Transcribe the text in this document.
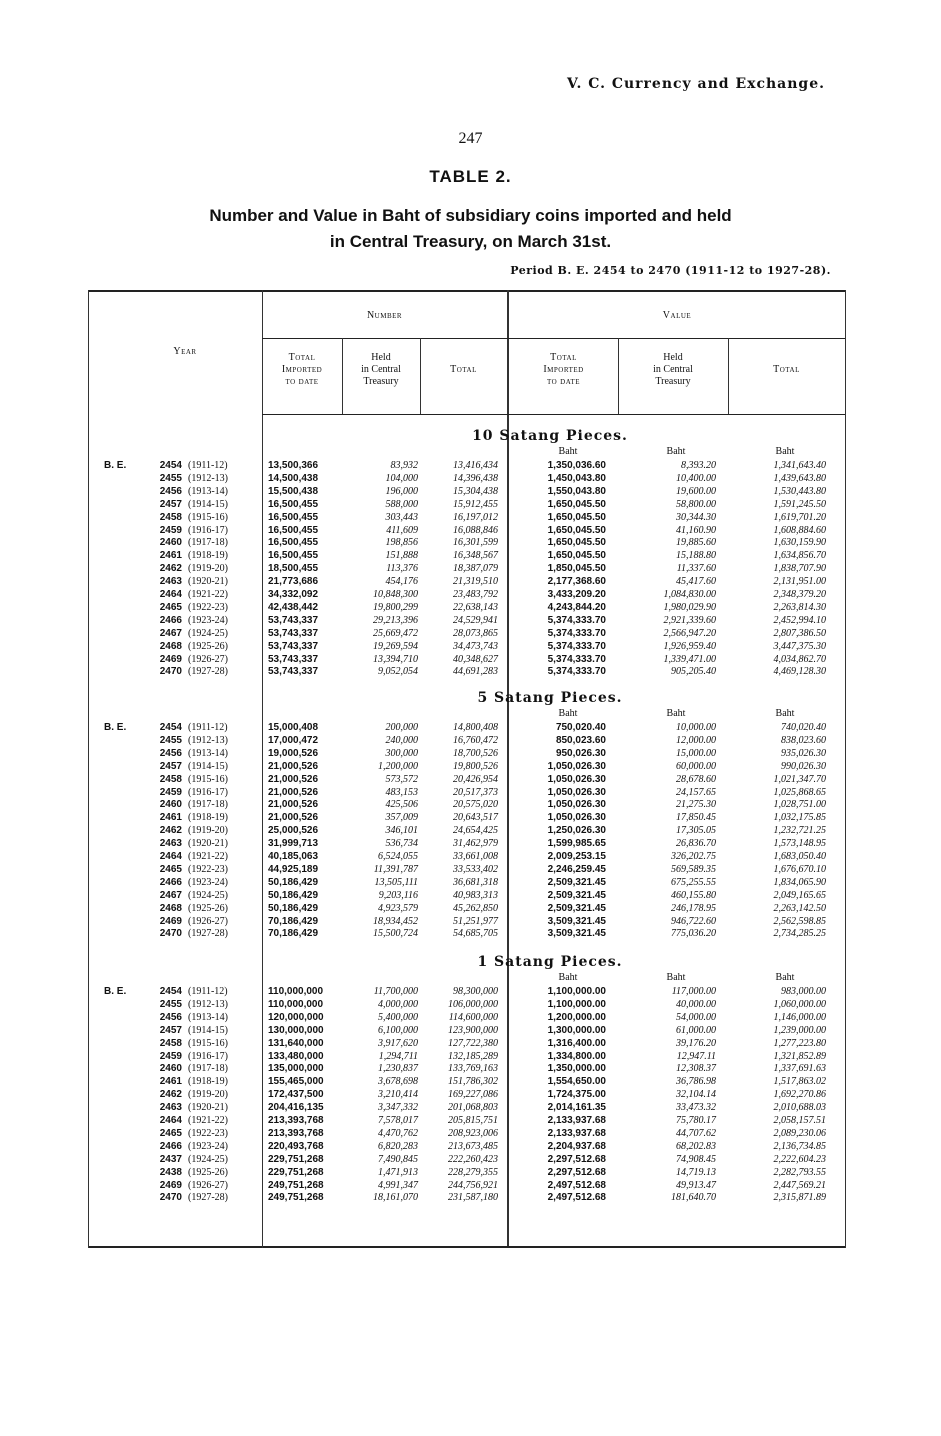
V. C. Currency and Exchange.
247
TABLE 2.
Number and Value in Baht of subsidiary coins imported and held
in Central Treasury, on March 31st.
Period B. E. 2454 to 2470 (1911-12 to 1927-28).
Year
Number	Value
Total
Imported
to date
Held
in Central
Treasury
Total
Total
Imported
to date
Held
in Central
Treasury
Total
10 Satang Pieces.
Baht	Baht	Baht
B. E.	2454 (1911-12)	13,500,366	83,932	13,416,434	1,350,036.60	8,393.20	1,341,643.40
2455 (1912-13)	14,500,438	104,000	14,396,438	1,450,043.80	10,400.00	1,439,643.80
2456 (1913-14)	15,500,438	196,000	15,304,438	1,550,043.80	19,600.00	1,530,443.80
2457 (1914-15)	16,500,455	588,000	15,912,455	1,650,045.50	58,800.00	1,591,245.50
2458 (1915-16)	16,500,455	303,443	16,197,012	1,650,045.50	30,344.30	1,619,701.20
2459 (1916-17)	16,500,455	411,609	16,088,846	1,650,045.50	41,160.90	1,608,884.60
2460 (1917-18)	16,500,455	198,856	16,301,599	1,650,045.50	19,885.60	1,630,159.90
2461 (1918-19)	16,500,455	151,888	16,348,567	1,650,045.50	15,188.80	1,634,856.70
2462 (1919-20)	18,500,455	113,376	18,387,079	1,850,045.50	11,337.60	1,838,707.90
2463 (1920-21)	21,773,686	454,176	21,319,510	2,177,368.60	45,417.60	2,131,951.00
2464 (1921-22)	34,332,092	10,848,300	23,483,792	3,433,209.20	1,084,830.00	2,348,379.20
2465 (1922-23)	42,438,442	19,800,299	22,638,143	4,243,844.20	1,980,029.90	2,263,814.30
2466 (1923-24)	53,743,337	29,213,396	24,529,941	5,374,333.70	2,921,339.60	2,452,994.10
2467 (1924-25)	53,743,337	25,669,472	28,073,865	5,374,333.70	2,566,947.20	2,807,386.50
2468 (1925-26)	53,743,337	19,269,594	34,473,743	5,374,333.70	1,926,959.40	3,447,375.30
2469 (1926-27)	53,743,337	13,394,710	40,348,627	5,374,333.70	1,339,471.00	4,034,862.70
2470 (1927-28)	53,743,337	9,052,054	44,691,283	5,374,333.70	905,205.40	4,469,128.30
5 Satang Pieces.
Baht	Baht	Baht
B. E.	2454 (1911-12)	15,000,408	200,000	14,800,408	750,020.40	10,000.00	740,020.40
2455 (1912-13)	17,000,472	240,000	16,760,472	850,023.60	12,000.00	838,023.60
2456 (1913-14)	19,000,526	300,000	18,700,526	950,026.30	15,000.00	935,026.30
2457 (1914-15)	21,000,526	1,200,000	19,800,526	1,050,026.30	60,000.00	990,026.30
2458 (1915-16)	21,000,526	573,572	20,426,954	1,050,026.30	28,678.60	1,021,347.70
2459 (1916-17)	21,000,526	483,153	20,517,373	1,050,026.30	24,157.65	1,025,868.65
2460 (1917-18)	21,000,526	425,506	20,575,020	1,050,026.30	21,275.30	1,028,751.00
2461 (1918-19)	21,000,526	357,009	20,643,517	1,050,026.30	17,850.45	1,032,175.85
2462 (1919-20)	25,000,526	346,101	24,654,425	1,250,026.30	17,305.05	1,232,721.25
2463 (1920-21)	31,999,713	536,734	31,462,979	1,599,985.65	26,836.70	1,573,148.95
2464 (1921-22)	40,185,063	6,524,055	33,661,008	2,009,253.15	326,202.75	1,683,050.40
2465 (1922-23)	44,925,189	11,391,787	33,533,402	2,246,259.45	569,589.35	1,676,670.10
2466 (1923-24)	50,186,429	13,505,111	36,681,318	2,509,321.45	675,255.55	1,834,065.90
2467 (1924-25)	50,186,429	9,203,116	40,983,313	2,509,321.45	460,155.80	2,049,165.65
2468 (1925-26)	50,186,429	4,923,579	45,262,850	2,509,321.45	246,178.95	2,263,142.50
2469 (1926-27)	70,186,429	18,934,452	51,251,977	3,509,321.45	946,722.60	2,562,598.85
2470 (1927-28)	70,186,429	15,500,724	54,685,705	3,509,321.45	775,036.20	2,734,285.25
1 Satang Pieces.
Baht	Baht	Baht
B. E.	2454 (1911-12)	110,000,000	11,700,000	98,300,000	1,100,000.00	117,000.00	983,000.00
2455 (1912-13)	110,000,000	4,000,000	106,000,000	1,100,000.00	40,000.00	1,060,000.00
2456 (1913-14)	120,000,000	5,400,000	114,600,000	1,200,000.00	54,000.00	1,146,000.00
2457 (1914-15)	130,000,000	6,100,000	123,900,000	1,300,000.00	61,000.00	1,239,000.00
2458 (1915-16)	131,640,000	3,917,620	127,722,380	1,316,400.00	39,176.20	1,277,223.80
2459 (1916-17)	133,480,000	1,294,711	132,185,289	1,334,800.00	12,947.11	1,321,852.89
2460 (1917-18)	135,000,000	1,230,837	133,769,163	1,350,000.00	12,308.37	1,337,691.63
2461 (1918-19)	155,465,000	3,678,698	151,786,302	1,554,650.00	36,786.98	1,517,863.02
2462 (1919-20)	172,437,500	3,210,414	169,227,086	1,724,375.00	32,104.14	1,692,270.86
2463 (1920-21)	204,416,135	3,347,332	201,068,803	2,014,161.35	33,473.32	2,010,688.03
2464 (1921-22)	213,393,768	7,578,017	205,815,751	2,133,937.68	75,780.17	2,058,157.51
2465 (1922-23)	213,393,768	4,470,762	208,923,006	2,133,937.68	44,707.62	2,089,230.06
2466 (1923-24)	220,493,768	6,820,283	213,673,485	2,204,937.68	68,202.83	2,136,734.85
2437 (1924-25)	229,751,268	7,490,845	222,260,423	2,297,512.68	74,908.45	2,222,604.23
2438 (1925-26)	229,751,268	1,471,913	228,279,355	2,297,512.68	14,719.13	2,282,793.55
2469 (1926-27)	249,751,268	4,991,347	244,756,921	2,497,512.68	49,913.47	2,447,569.21
2470 (1927-28)	249,751,268	18,161,070	231,587,180	2,497,512.68	181,640.70	2,315,871.89
